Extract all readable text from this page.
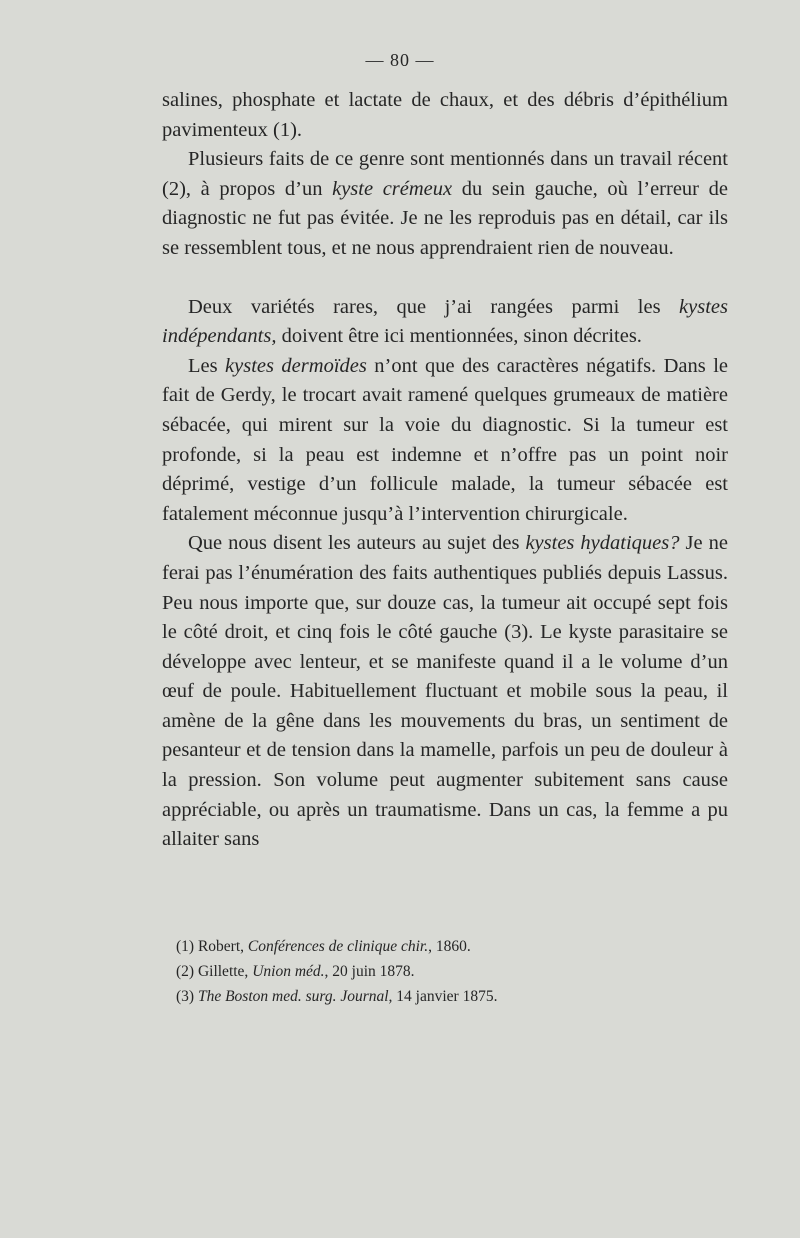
— 80 —

salines, phosphate et lactate de chaux, et des débris d’épithélium pavimenteux (1).

Plusieurs faits de ce genre sont mentionnés dans un travail récent (2), à propos d’un kyste crémeux du sein gauche, où l’erreur de diagnostic ne fut pas évitée. Je ne les reproduis pas en détail, car ils se ressemblent tous, et ne nous apprendraient rien de nouveau.

Deux variétés rares, que j’ai rangées parmi les kystes indépendants, doivent être ici mentionnées, sinon décrites.

Les kystes dermoïdes n’ont que des caractères négatifs. Dans le fait de Gerdy, le trocart avait ramené quelques grumeaux de matière sébacée, qui mirent sur la voie du diagnostic. Si la tumeur est profonde, si la peau est indemne et n’offre pas un point noir déprimé, vestige d’un follicule malade, la tumeur sébacée est fatalement méconnue jusqu’à l’intervention chirurgicale.

Que nous disent les auteurs au sujet des kystes hydatiques? Je ne ferai pas l’énumération des faits authentiques publiés depuis Lassus. Peu nous importe que, sur douze cas, la tumeur ait occupé sept fois le côté droit, et cinq fois le côté gauche (3). Le kyste parasitaire se développe avec lenteur, et se manifeste quand il a le volume d’un œuf de poule. Habituellement fluctuant et mobile sous la peau, il amène de la gêne dans les mouvements du bras, un sentiment de pesanteur et de tension dans la mamelle, parfois un peu de douleur à la pression. Son volume peut augmenter subitement sans cause appréciable, ou après un traumatisme. Dans un cas, la femme a pu allaiter sans

(1) Robert, Conférences de clinique chir., 1860.
(2) Gillette, Union méd., 20 juin 1878.
(3) The Boston med. surg. Journal, 14 janvier 1875.
